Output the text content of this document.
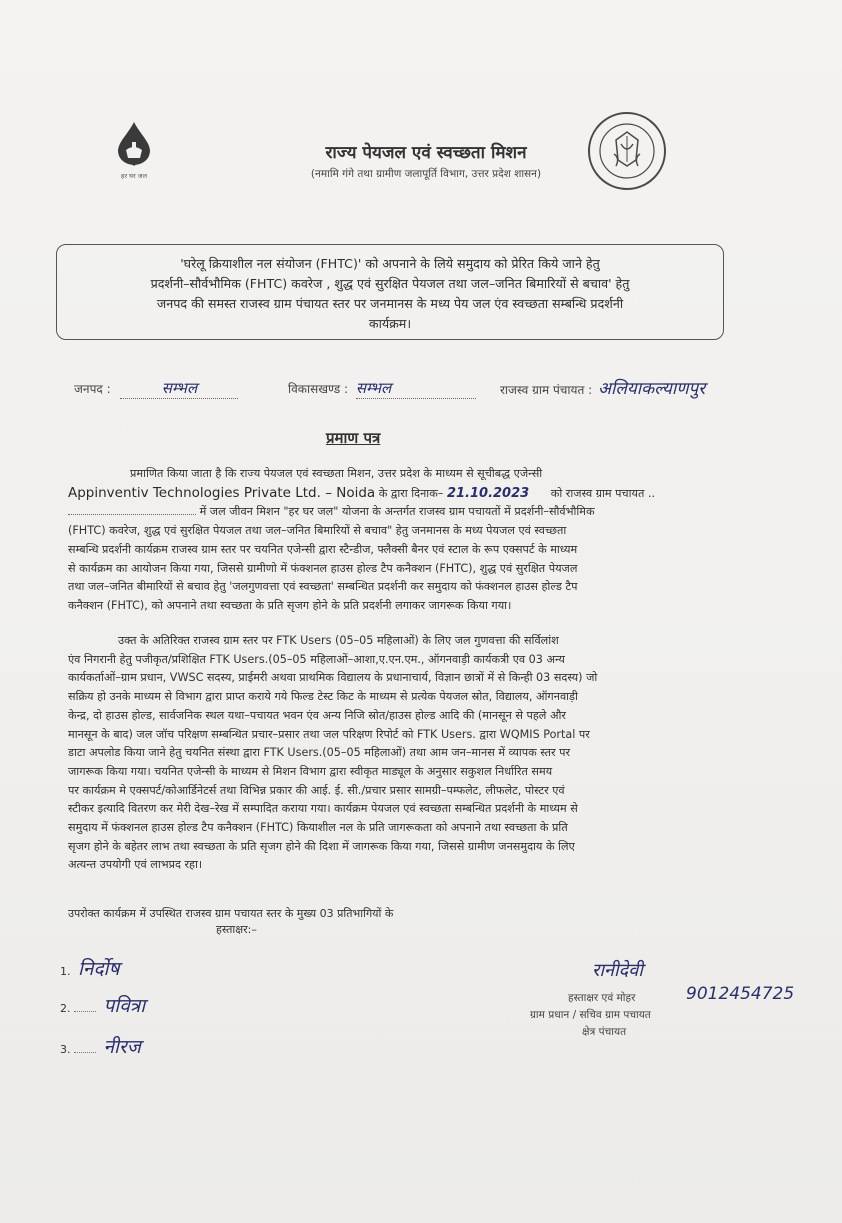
हर घर जल
राज्य पेयजल एवं स्वच्छता मिशन
(नमामि गंगे तथा ग्रामीण जलापूर्ति विभाग, उत्तर प्रदेश शासन)
'घरेलू क्रियाशील नल संयोजन (FHTC)' को अपनाने के लिये समुदाय को प्रेरित किये जाने हेतु
प्रदर्शनी–सौर्वभौमिक (FHTC) कवरेज , शुद्ध एवं सुरक्षित पेयजल तथा जल–जनित बिमारियों से बचाव' हेतु
जनपद की समस्त राजस्व ग्राम पंचायत स्तर पर जनमानस के मध्य पेय जल एंव स्वच्छता सम्बन्धि प्रदर्शनी
कार्यक्रम।
जनपद :	सम्भल	विकासखण्ड : सम्भल	राजस्व ग्राम पंचायत : अलियाकल्याणपुर
प्रमाण पत्र
प्रमाणित किया जाता है कि राज्य पेयजल एवं स्वच्छता मिशन, उत्तर प्रदेश के माध्यम से सूचीबद्ध एजेन्सी
Appinventiv Technologies Private Ltd. – Noida के द्वारा दिनाक– 21.10.2023 को राजस्व ग्राम पचायत ..
में जल जीवन मिशन "हर घर जल" योजना के अन्तर्गत राजस्व ग्राम पचायतों में प्रदर्शनी–सौर्वभौमिक
(FHTC) कवरेज, शुद्ध एवं सुरक्षित पेयजल तथा जल–जनित बिमारियों से बचाव" हेतु जनमानस के मध्य पेयजल एवं स्वच्छता
सम्बन्धि प्रदर्शनी कार्यक्रम राजस्व ग्राम स्तर पर चयनित एजेन्सी द्वारा स्टैन्डीज, फ्लैक्सी बैनर एवं स्टाल के रूप एक्सपर्ट के माध्यम
से कार्यक्रम का आयोजन किया गया, जिससे ग्रामीणो में फंक्शनल हाउस होल्ड टैप कनैक्शन (FHTC), शुद्ध एवं सुरक्षित पेयजल
तथा जल–जनित बीमारियों से बचाव हेतु 'जलगुणवत्ता एवं स्वच्छता' सम्बन्धित प्रदर्शनी कर समुदाय को फंक्शनल हाउस होल्ड टैप
कनैक्शन (FHTC), को अपनाने तथा स्वच्छता के प्रति सृजग होने के प्रति प्रदर्शनी लगाकर जागरूक किया गया।
उक्त के अतिरिक्त राजस्व ग्राम स्तर पर FTK Users (05–05 महिलाओं) के लिए जल गुणवत्ता की सर्विलांश
एंव निगरानी हेतु पजीकृत/प्रशिक्षित FTK Users.(05–05 महिलाओं–आशा,ए.एन.एम., ऑगनवाड़ी कार्यकत्री एव 03 अन्य
कार्यकर्ताओं–ग्राम प्रधान, VWSC सदस्य, प्राईमरी अथवा प्राथमिक विद्यालय के प्रधानाचार्य, विज्ञान छात्रों में से किन्ही 03 सदस्य) जो
सक्रिय हो उनके माध्यम से विभाग द्वारा प्राप्त कराये गये फिल्ड टेस्ट किट के माध्यम से प्रत्येक पेयजल स्रोत, विद्यालय, ऑगनवाड़ी
केन्द्र, दो हाउस होल्ड, सार्वजनिक स्थल यथा–पचायत भवन एंव अन्य निजि स्रोत/हाउस होल्ड आदि की (मानसून से पहले और
मानसून के बाद) जल जॉच परिक्षण सम्बन्धित प्रचार–प्रसार तथा जल परिक्षण रिपोर्ट को FTK Users. द्वारा WQMIS Portal पर
डाटा अपलोड किया जाने हेतु चयनित संस्था द्वारा FTK Users.(05–05 महिलाओं) तथा आम जन–मानस में व्यापक स्तर पर
जागरूक किया गया। चयनित एजेन्सी के माध्यम से मिशन विभाग द्वारा स्वीकृत माड्यूल के अनुसार सकुशल निर्धारित समय
पर कार्यक्रम मे एक्सपर्ट/कोआर्डिनेटर्स तथा विभिन्न प्रकार की आई. ई. सी./प्रचार प्रसार सामग्री–पम्फलेट, लीफलेट, पोस्टर एवं
स्टीकर इत्यादि वितरण कर मेरी देख–रेख में सम्पादित कराया गया। कार्यक्रम पेयजल एवं स्वच्छता सम्बन्धित प्रदर्शनी के माध्यम से
समुदाय में फंक्शनल हाउस होल्ड टैप कनैक्शन (FHTC) कियाशील नल के प्रति जागरूकता को अपनाने तथा स्वच्छता के प्रति
सृजग होने के बहेतर लाभ तथा स्वच्छता के प्रति सृजग होने की दिशा में जागरूक किया गया, जिससे ग्रामीण जनसमुदाय के लिए
अत्यन्त उपयोगी एवं लाभप्रद रहा।
उपरोक्त कार्यक्रम में उपस्थित राजस्व ग्राम पचायत स्तर के मुख्य 03 प्रतिभागियों के
हस्ताक्षर:–
1. निर्दोष
2. पवित्रा
3. नीरज
रानीदेवी
9012454725
हस्ताक्षर एवं मोहर
ग्राम प्रधान / सचिव ग्राम पचायत
क्षेत्र पंचायत
